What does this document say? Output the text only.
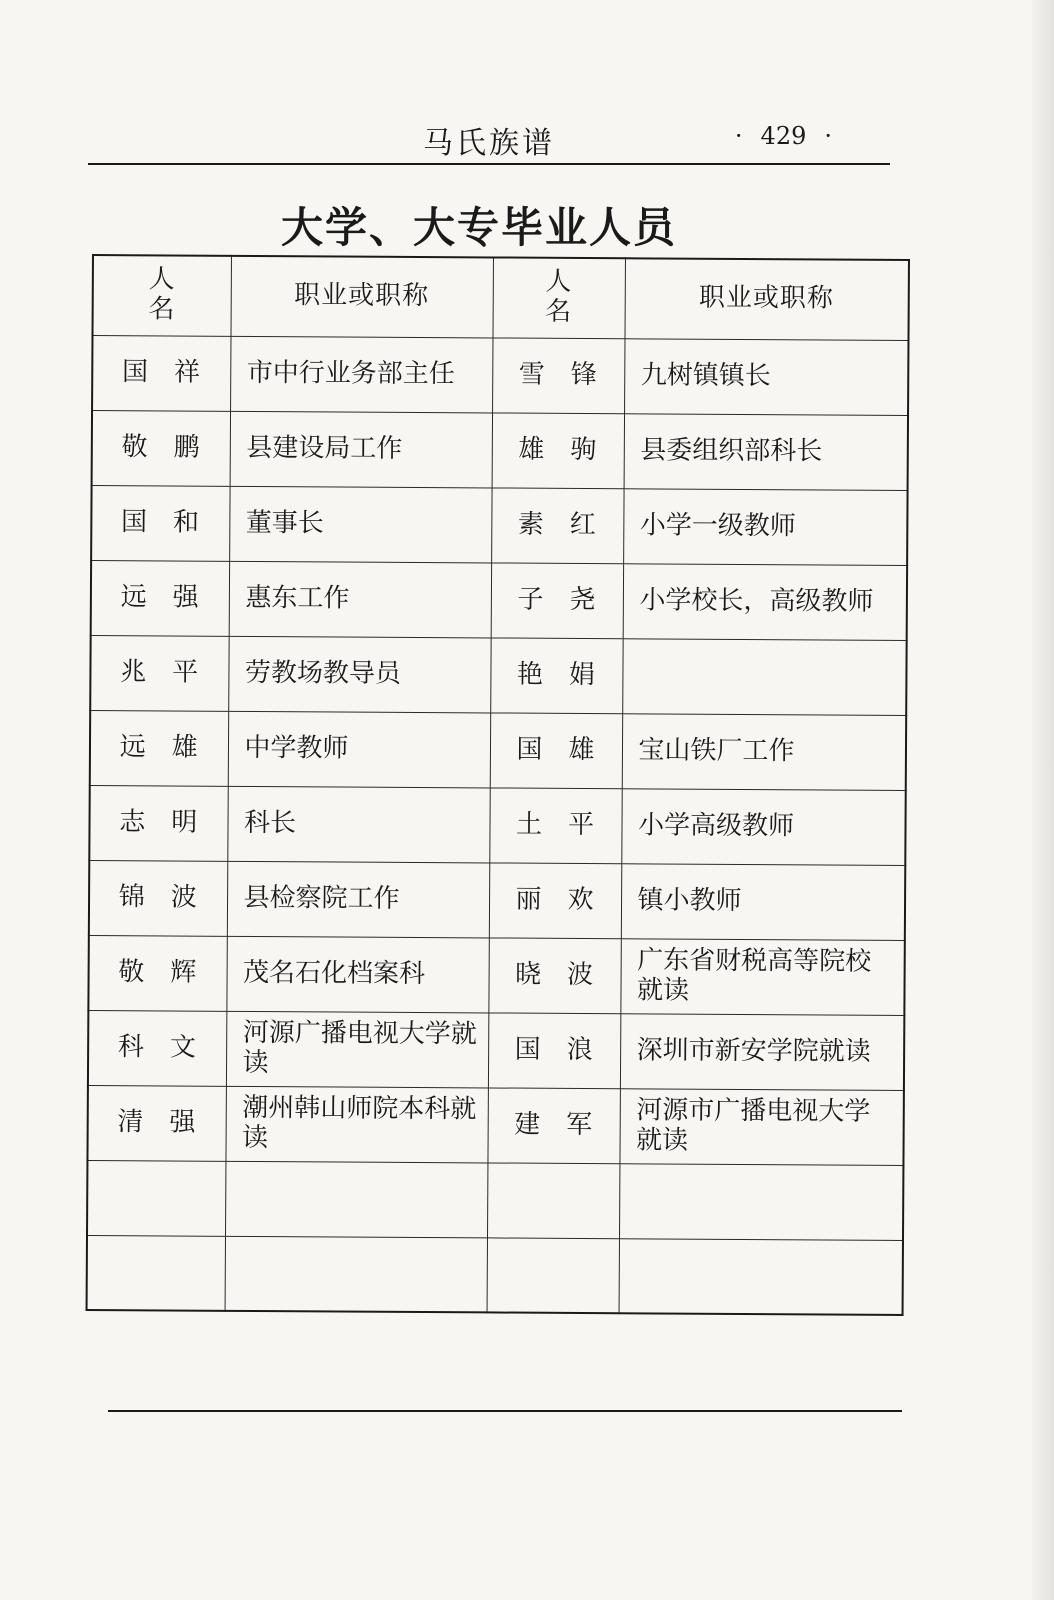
马氏族谱	· 429 ·
大学、大专毕业人员
人　名	职业或职称	人　名	职业或职称
国祥	市中行业务部主任	雪锋	九树镇镇长
敬鹏	县建设局工作	雄驹	县委组织部科长
国和	董事长	素红	小学一级教师
远强	惠东工作	子尧	小学校长，高级教师
兆平	劳教场教导员	艳娟	
远雄	中学教师	国雄	宝山铁厂工作
志明	科长	土平	小学高级教师
锦波	县检察院工作	丽欢	镇小教师
敬辉	茂名石化档案科	晓波	广东省财税高等院校就读
科文	河源广播电视大学就读	国浪	深圳市新安学院就读
清强	潮州韩山师院本科就读	建军	河源市广播电视大学就读
